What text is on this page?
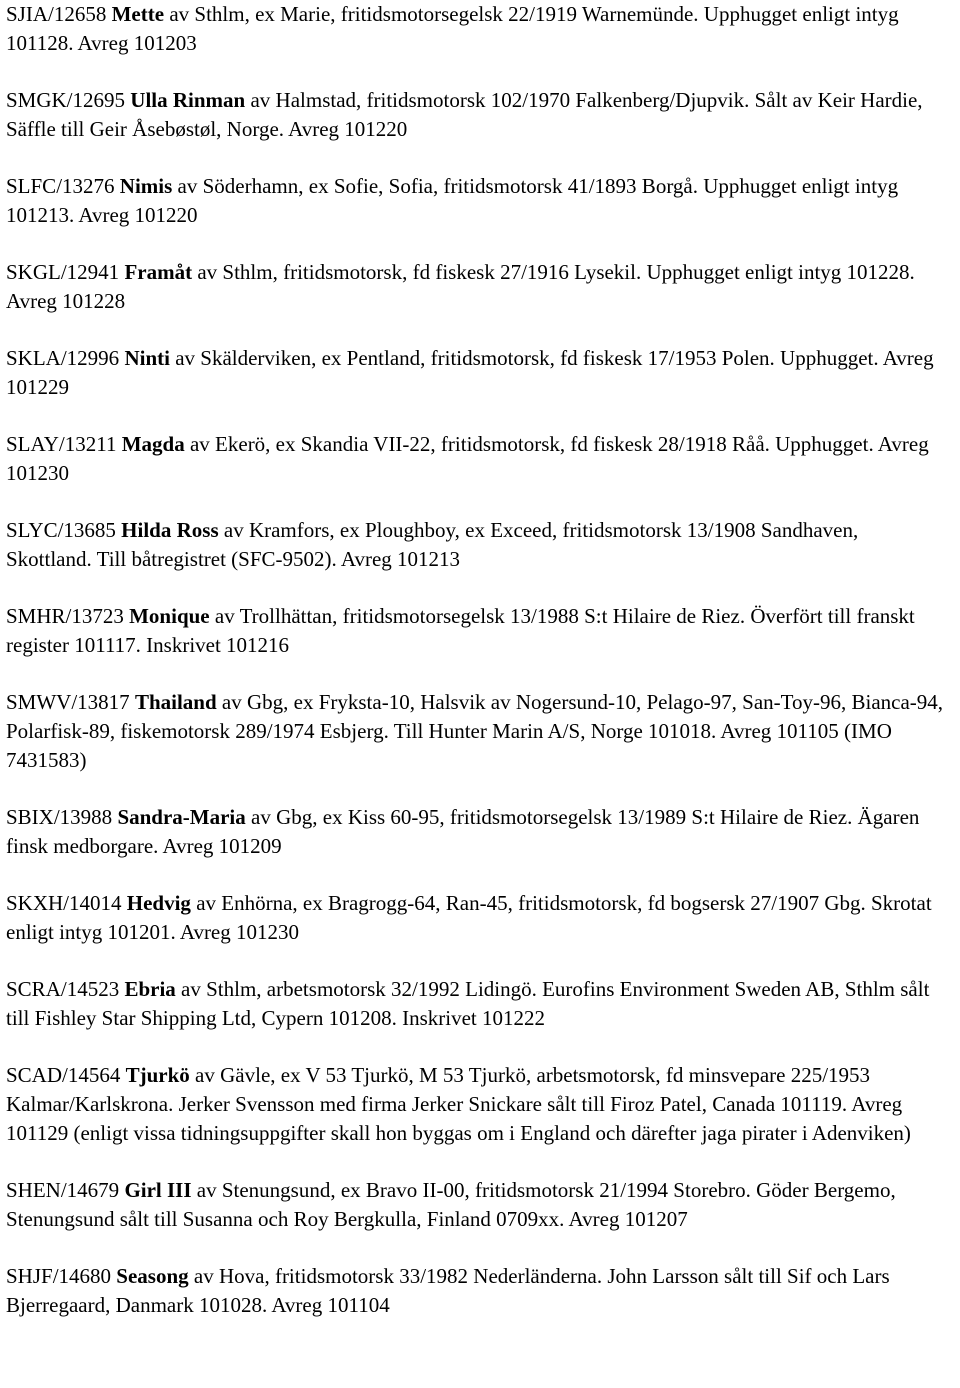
SJIA/12658 Mette av Sthlm, ex Marie, fritidsmotorsegelsk 22/1919 Warnemünde. Upphugget enligt intyg 101128. Avreg 101203

SMGK/12695 Ulla Rinman av Halmstad, fritidsmotorsk 102/1970 Falkenberg/Djupvik. Sålt av Keir Hardie, Säffle till Geir Åsebøstøl, Norge. Avreg 101220

SLFC/13276 Nimis av Söderhamn, ex Sofie, Sofia, fritidsmotorsk 41/1893 Borgå. Upphugget enligt intyg 101213. Avreg 101220

SKGL/12941 Framåt av Sthlm, fritidsmotorsk, fd fiskesk 27/1916 Lysekil. Upphugget enligt intyg 101228. Avreg 101228

SKLA/12996 Ninti av Skälderviken, ex Pentland, fritidsmotorsk, fd fiskesk 17/1953 Polen. Upphugget. Avreg 101229

SLAY/13211 Magda av Ekerö, ex Skandia VII-22, fritidsmotorsk, fd fiskesk 28/1918 Råå. Upphugget. Avreg 101230

SLYC/13685 Hilda Ross av Kramfors, ex Ploughboy, ex Exceed, fritidsmotorsk 13/1908 Sandhaven, Skottland. Till båtregistret (SFC-9502). Avreg 101213

SMHR/13723 Monique av Trollhättan, fritidsmotorsegelsk 13/1988 S:t Hilaire de Riez. Överfört till franskt register 101117. Inskrivet 101216

SMWV/13817 Thailand av Gbg, ex Fryksta-10, Halsvik av Nogersund-10, Pelago-97, San-Toy-96, Bianca-94, Polarfisk-89, fiskemotorsk 289/1974 Esbjerg. Till Hunter Marin A/S, Norge 101018. Avreg 101105 (IMO 7431583)

SBIX/13988 Sandra-Maria av Gbg, ex Kiss 60-95, fritidsmotorsegelsk 13/1989 S:t Hilaire de Riez. Ägaren finsk medborgare. Avreg 101209

SKXH/14014 Hedvig av Enhörna, ex Bragrogg-64, Ran-45, fritidsmotorsk, fd bogsersk 27/1907 Gbg. Skrotat enligt intyg 101201. Avreg 101230

SCRA/14523 Ebria av Sthlm, arbetsmotorsk 32/1992 Lidingö. Eurofins Environment Sweden AB, Sthlm sålt till Fishley Star Shipping Ltd, Cypern 101208. Inskrivet 101222

SCAD/14564 Tjurkö av Gävle, ex V 53 Tjurkö, M 53 Tjurkö, arbetsmotorsk, fd minsvepare 225/1953 Kalmar/Karlskrona. Jerker Svensson med firma Jerker Snickare sålt till Firoz Patel, Canada 101119. Avreg 101129 (enligt vissa tidningsuppgifter skall hon byggas om i England och därefter jaga pirater i Adenviken)

SHEN/14679 Girl III av Stenungsund, ex Bravo II-00, fritidsmotorsk 21/1994 Storebro. Göder Bergemo, Stenungsund sålt till Susanna och Roy Bergkulla, Finland 0709xx. Avreg 101207

SHJF/14680 Seasong av Hova, fritidsmotorsk 33/1982 Nederländerna. John Larsson sålt till Sif och Lars Bjerregaard, Danmark 101028. Avreg 101104
